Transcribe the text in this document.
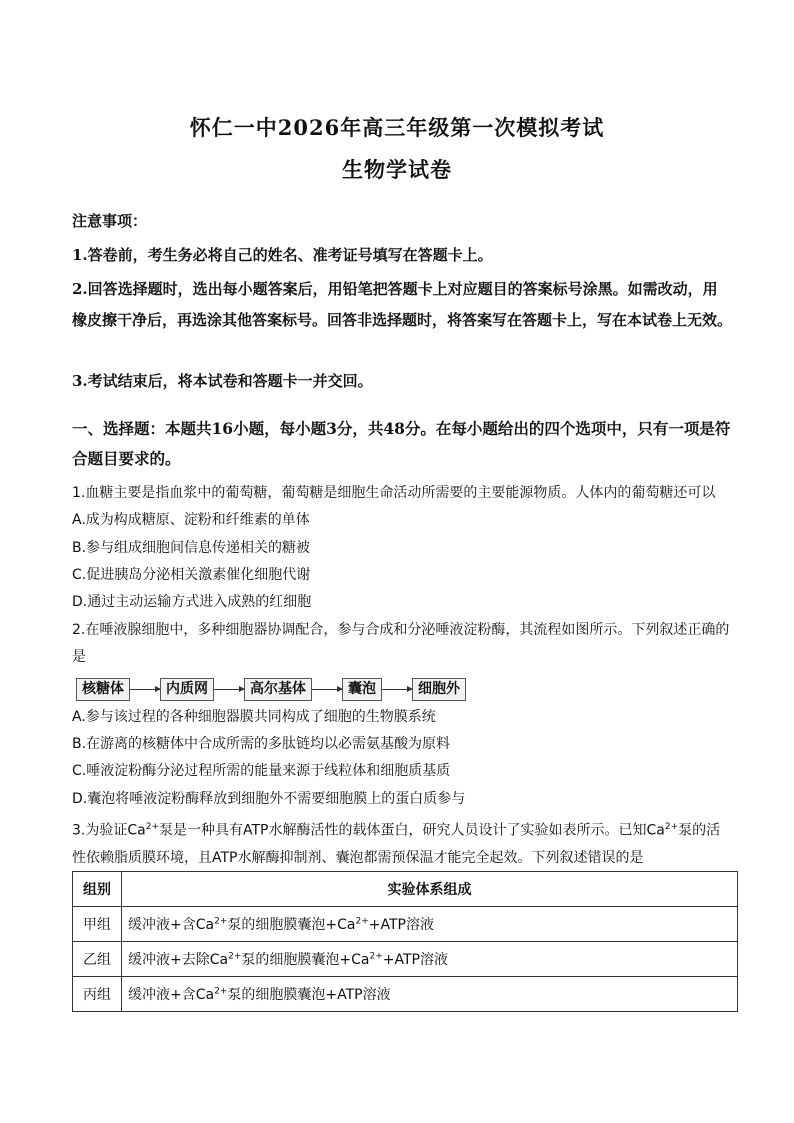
怀仁一中2026年高三年级第一次模拟考试
生物学试卷
注意事项：
1.答卷前，考生务必将自己的姓名、准考证号填写在答题卡上。
2.回答选择题时，选出每小题答案后，用铅笔把答题卡上对应题目的答案标号涂黑。如需改动，用橡皮擦干净后，再选涂其他答案标号。回答非选择题时，将答案写在答题卡上，写在本试卷上无效。
3.考试结束后，将本试卷和答题卡一并交回。
一、选择题：本题共16小题，每小题3分，共48分。在每小题给出的四个选项中，只有一项是符合题目要求的。
1.血糖主要是指血浆中的葡萄糖，葡萄糖是细胞生命活动所需要的主要能源物质。人体内的葡萄糖还可以
A.成为构成糖原、淀粉和纤维素的单体
B.参与组成细胞间信息传递相关的糖被
C.促进胰岛分泌相关激素催化细胞代谢
D.通过主动运输方式进入成熟的红细胞
2.在唾液腺细胞中，多种细胞器协调配合，参与合成和分泌唾液淀粉酶，其流程如图所示。下列叙述正确的是
核糖体	内质网	高尔基体	囊泡	细胞外
A.参与该过程的各种细胞器膜共同构成了细胞的生物膜系统
B.在游离的核糖体中合成所需的多肽链均以必需氨基酸为原料
C.唾液淀粉酶分泌过程所需的能量来源于线粒体和细胞质基质
D.囊泡将唾液淀粉酶释放到细胞外不需要细胞膜上的蛋白质参与
3.为验证$Ca^{2+}$泵是一种具有ATP水解酶活性的载体蛋白，研究人员设计了实验如表所示。已知$Ca^{2+}$泵的活性依赖脂质膜环境，且ATP水解酶抑制剂、囊泡都需预保温才能完全起效。下列叙述错误的是
组别	实验体系组成
甲组	缓冲液+含$Ca^{2+}$泵的细胞膜囊泡$+Ca^{2+}+ATP$溶液
乙组	缓冲液+去除$Ca^{2+}$泵的细胞膜囊泡$+Ca^{2+}+ATP$溶液
丙组	缓冲液+含$Ca^{2+}$泵的细胞膜囊泡+ATP溶液
